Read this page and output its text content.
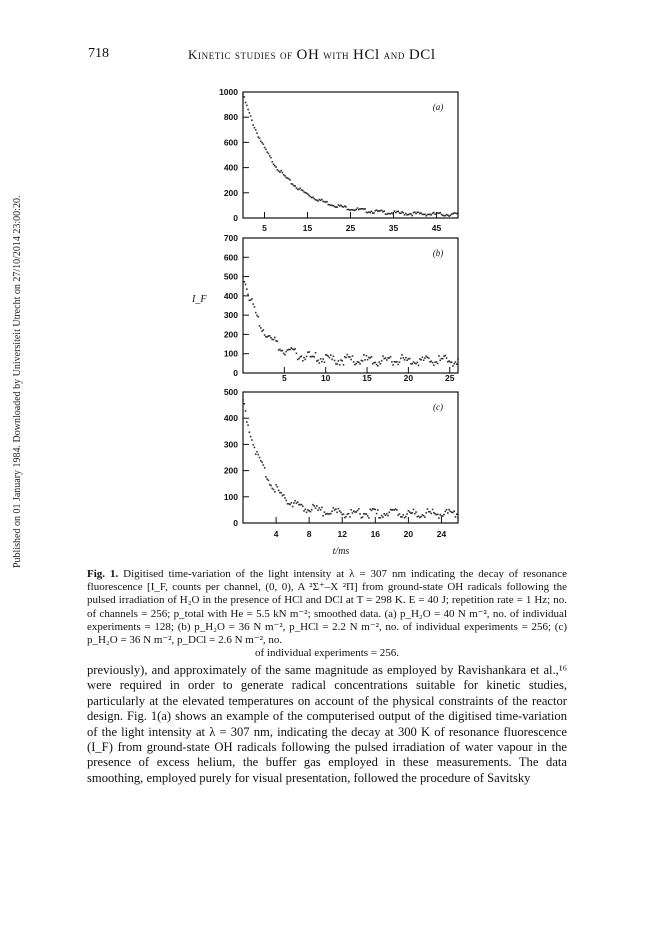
718	Kinetic studies of OH with HCl and DCl
Published on 01 January 1984. Downloaded by Universiteit Utrecht on 27/10/2014 23:00:20.
1000
800
600
400
200
0
5	15	25	35	45
(a)
700
600
500
400
300
200
100
0	5	10	15	20	25
(b)
500
400
300
200
100
0
4	8	12	16	20	24
(c)
I_F
t/ms
Fig. 1. Digitised time-variation of the light intensity at λ = 307 nm indicating the decay of resonance fluorescence [I_F, counts per channel, (0, 0), A ²Σ⁺–X ²Π] from ground-state OH radicals following the pulsed irradiation of H₂O in the presence of HCl and DCl at T = 298 K. E = 40 J; repetition rate = 1 Hz; no. of channels = 256; p_total with He = 5.5 kN m⁻²; smoothed data. (a) p_H₂O = 40 N m⁻², no. of individual experiments = 128; (b) p_H₂O = 36 N m⁻², p_HCl = 2.2 N m⁻², no. of individual experiments = 256; (c) p_H₂O = 36 N m⁻², p_DCl = 2.6 N m⁻², no.
of individual experiments = 256.
previously), and approximately of the same magnitude as employed by Ravishankara et al.,¹⁶ were required in order to generate radical concentrations suitable for kinetic studies, particularly at the elevated temperatures on account of the physical constraints of the reactor design. Fig. 1(a) shows an example of the computerised output of the digitised time-variation of the light intensity at λ = 307 nm, indicating the decay at 300 K of resonance fluorescence (I_F) from ground-state OH radicals following the pulsed irradiation of water vapour in the presence of excess helium, the buffer gas employed in these measurements. The data smoothing, employed purely for visual presentation, followed the procedure of Savitsky
